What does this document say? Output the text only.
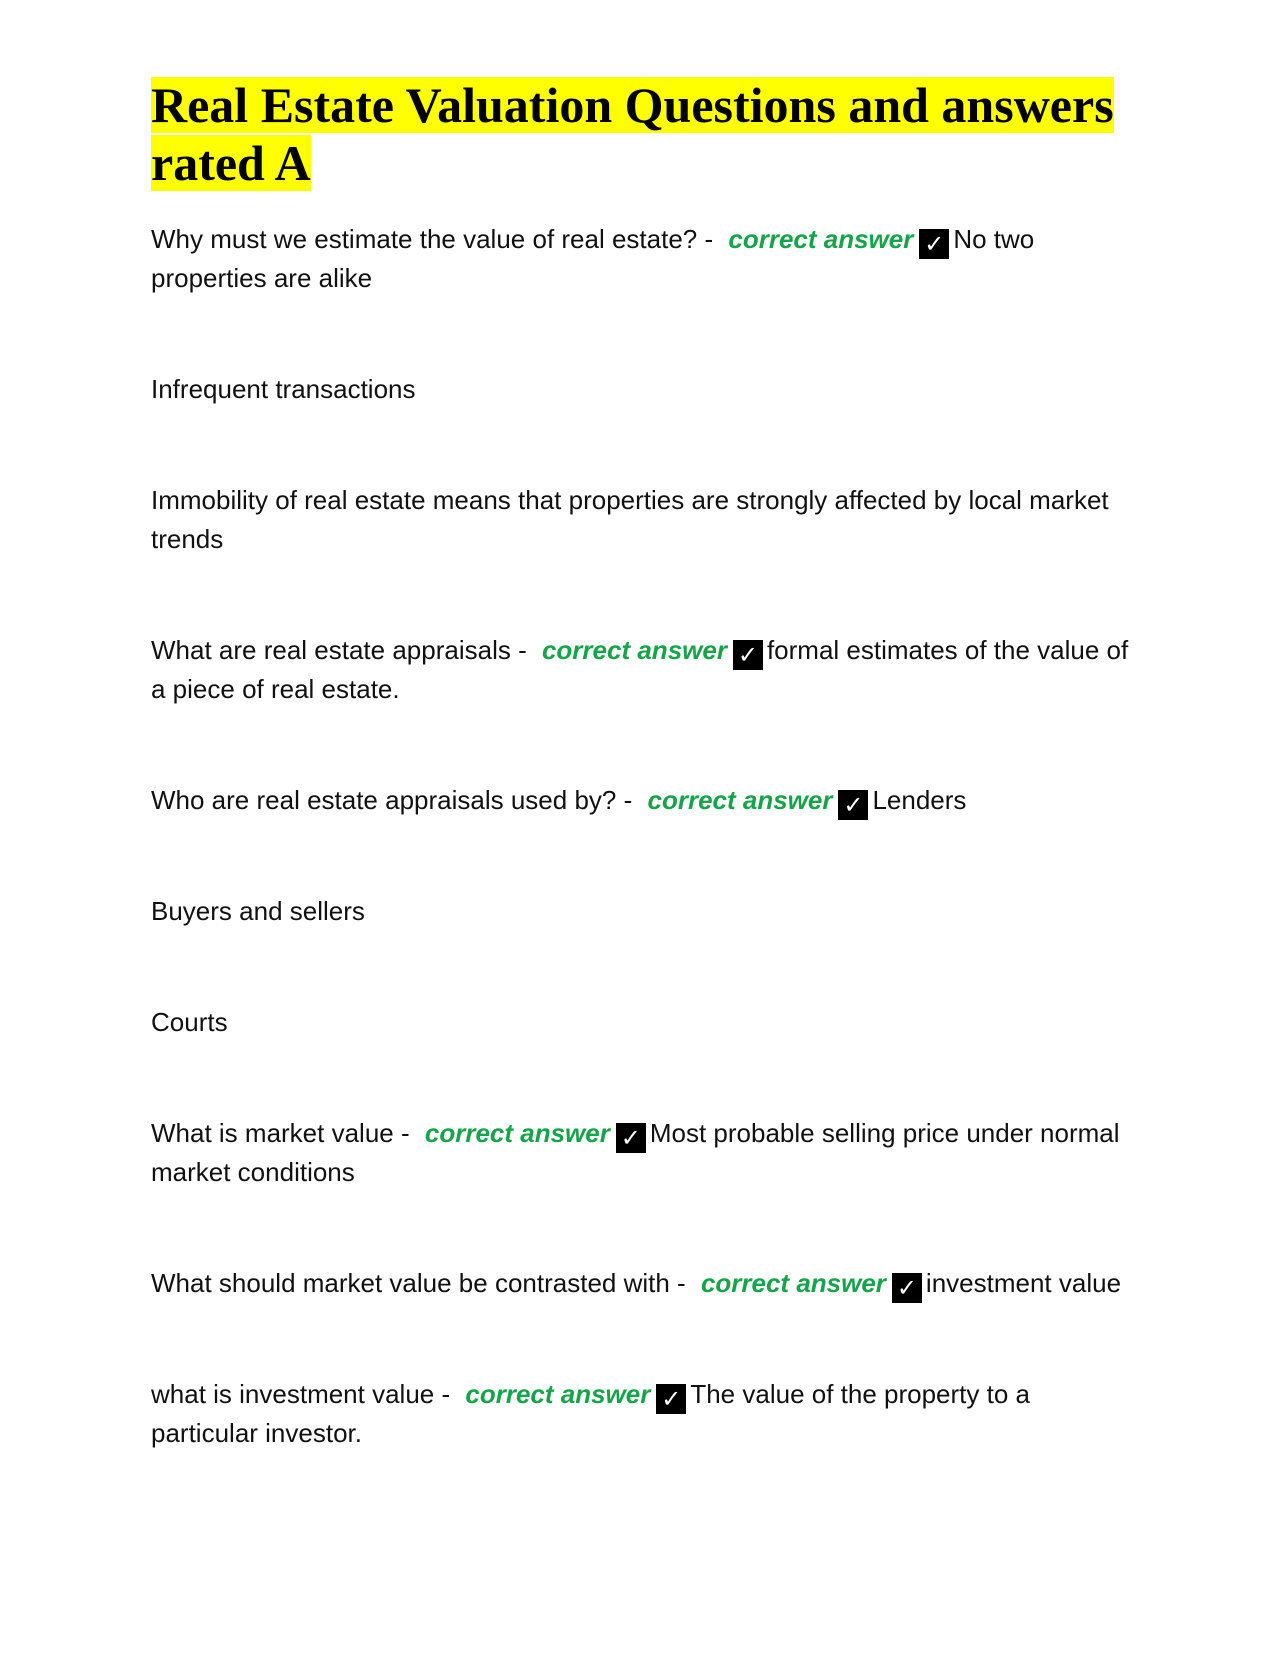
Real Estate Valuation Questions and answers rated A

Why must we estimate the value of real estate? - correct answer ✓ No two properties are alike

Infrequent transactions

Immobility of real estate means that properties are strongly affected by local market trends

What are real estate appraisals - correct answer ✓ formal estimates of the value of a piece of real estate.

Who are real estate appraisals used by? - correct answer ✓ Lenders

Buyers and sellers

Courts

What is market value - correct answer ✓ Most probable selling price under normal market conditions

What should market value be contrasted with - correct answer ✓ investment value

what is investment value - correct answer ✓ The value of the property to a particular investor.
